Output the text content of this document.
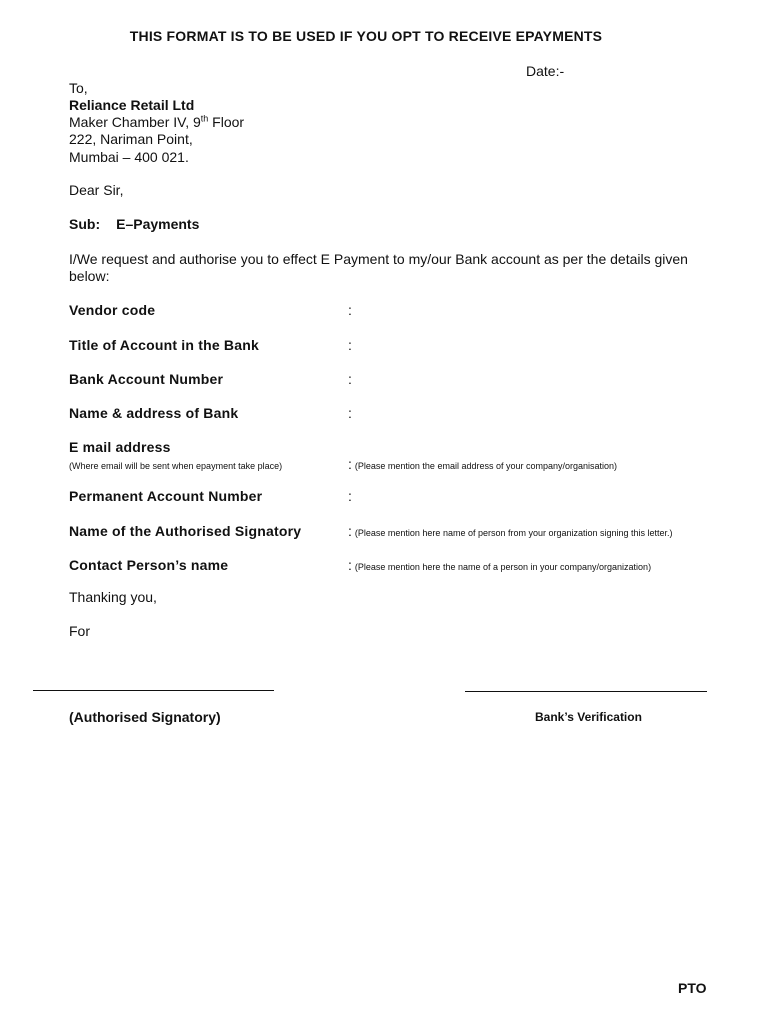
THIS FORMAT IS TO BE USED IF YOU OPT TO RECEIVE EPAYMENTS
Date:-
To,
Reliance Retail Ltd
Maker Chamber IV, 9th Floor
222, Nariman Point,
Mumbai – 400 021.
Dear Sir,
Sub: E–Payments
I/We request and authorise you to effect E Payment to my/our Bank account as per the details given below:
Vendor code	:
Title of Account in the Bank	:
Bank Account Number	:
Name & address of Bank	:
E mail address
(Where email will be sent when epayment take place)	: (Please mention the email address of your company/organisation)
Permanent Account Number	:
Name of the Authorised Signatory	: (Please mention here name of person from your organization signing this letter.)
Contact Person’s name	: (Please mention here the name of a person in your company/organization)
Thanking you,
For
(Authorised Signatory)	Bank’s Verification
PTO
